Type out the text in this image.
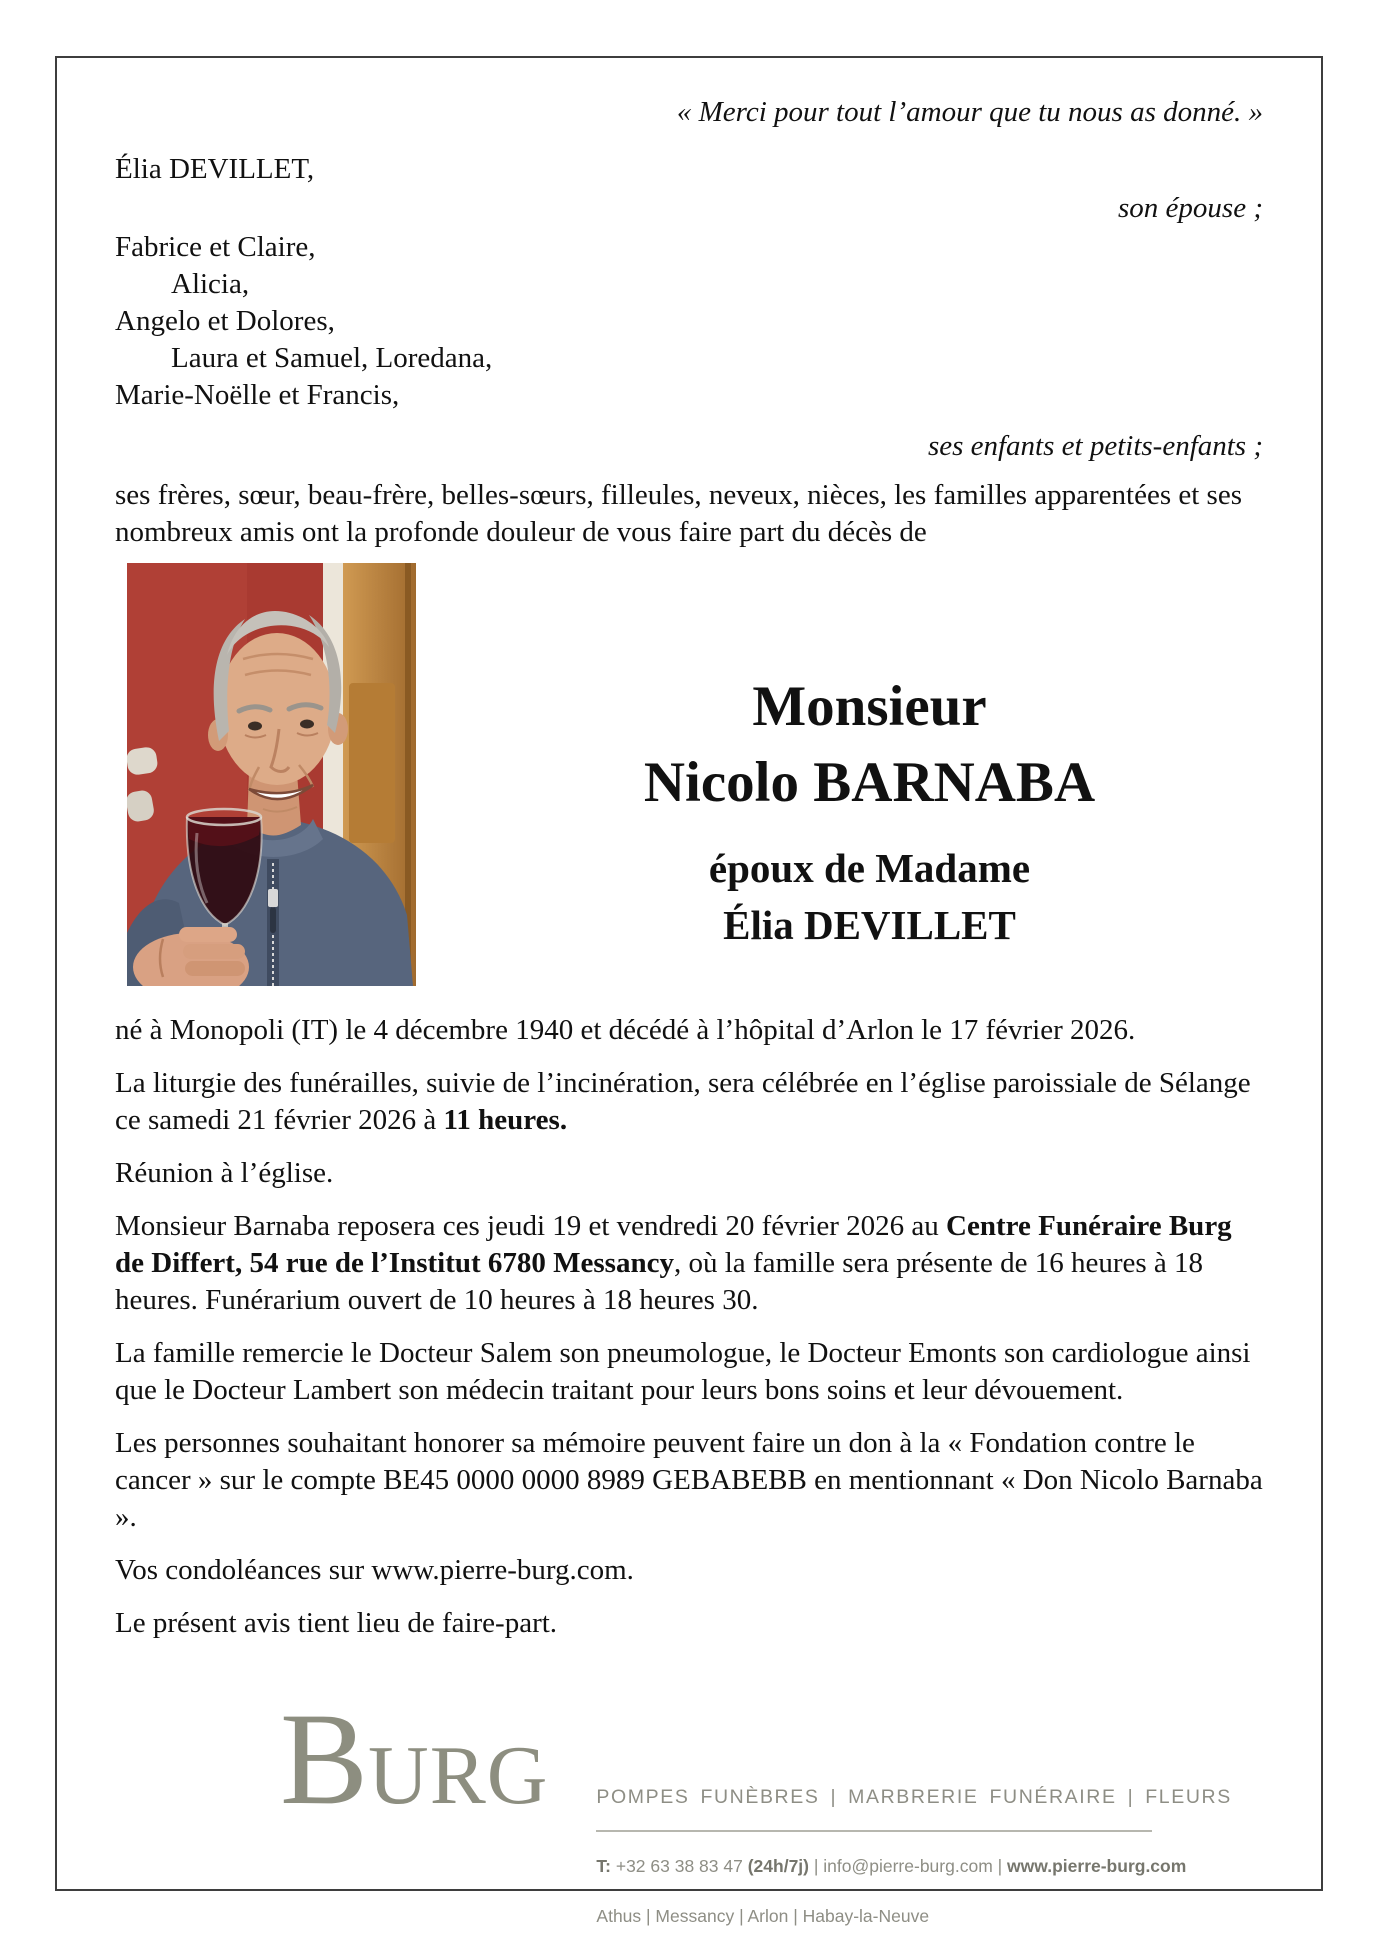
« Merci pour tout l’amour que tu nous as donné. »
Élia DEVILLET,
son épouse ;
Fabrice et Claire,
Alicia,
Angelo et Dolores,
Laura et Samuel, Loredana,
Marie-Noëlle et Francis,
ses enfants et petits-enfants ;

ses frères, sœur, beau-frère, belles-sœurs, filleules, neveux, nièces, les familles apparentées et ses nombreux amis ont la profonde douleur de vous faire part du décès de

Monsieur
Nicolo BARNABA
époux de Madame
Élia DEVILLET

né à Monopoli (IT) le 4 décembre 1940 et décédé à l’hôpital d’Arlon le 17 février 2026.

La liturgie des funérailles, suivie de l’incinération, sera célébrée en l’église paroissiale de Sélange ce samedi 21 février 2026 à 11 heures.

Réunion à l’église.

Monsieur Barnaba reposera ces jeudi 19 et vendredi 20 février 2026 au Centre Funéraire Burg de Differt, 54 rue de l’Institut 6780 Messancy, où la famille sera présente de 16 heures à 18 heures. Funérarium ouvert de 10 heures à 18 heures 30.

La famille remercie le Docteur Salem son pneumologue, le Docteur Emonts son cardiologue ainsi que le Docteur Lambert son médecin traitant pour leurs bons soins et leur dévouement.

Les personnes souhaitant honorer sa mémoire peuvent faire un don à la « Fondation contre le cancer » sur le compte BE45 0000 0000 8989 GEBABEBB en mentionnant « Don Nicolo Barnaba ».

Vos condoléances sur www.pierre-burg.com.

Le présent avis tient lieu de faire-part.

BURG POMPES FUNÈBRES | MARBRERIE FUNÉRAIRE | FLEURS
T: +32 63 38 83 47 (24h/7j) | info@pierre-burg.com | www.pierre-burg.com
Athus | Messancy | Arlon | Habay-la-Neuve
